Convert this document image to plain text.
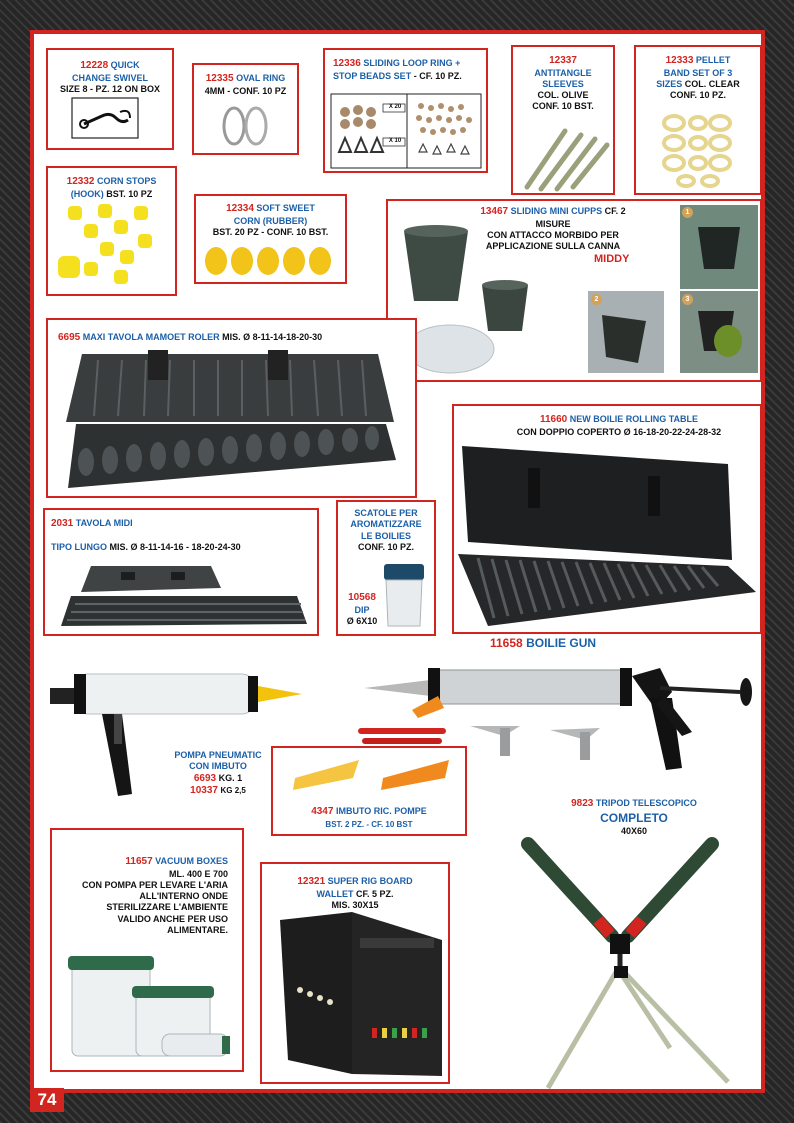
12228 QUICK
CHANGE SWIVEL
SIZE 8 - PZ. 12 ON BOX
12335 OVAL RING
4MM - CONF. 10 PZ
12336 SLIDING LOOP RING +
STOP BEADS SET - CF. 10 PZ.
X 20
X 10
12337
ANTITANGLE
SLEEVES
COL. OLIVE
CONF. 10 BST.
12333 PELLET
BAND SET OF 3
SIZES COL. CLEAR
CONF. 10 PZ.
12332 CORN STOPS
(HOOK) BST. 10 PZ
12334 SOFT SWEET
CORN (RUBBER)
BST. 20 PZ - CONF. 10 BST.
13467 SLIDING MINI CUPPS CF. 2 MISURE
CON ATTACCO MORBIDO PER
APPLICAZIONE SULLA CANNA
MIDDY
1
2	3
6695 MAXI TAVOLA MAMOET ROLER MIS. Ø 8-11-14-18-20-30
11660 NEW BOILIE ROLLING TABLE
CON DOPPIO COPERTO Ø 16-18-20-22-24-28-32
2031 TAVOLA MIDI

TIPO LUNGO MIS. Ø 8-11-14-16 - 18-20-24-30
SCATOLE PER
AROMATIZZARE
LE BOILIES
CONF. 10 PZ.
10568
DIP
Ø 6X10
POMPA PNEUMATIC
CON IMBUTO
6693 KG. 1
10337 KG 2,5
11658 BOILIE GUN
4347 IMBUTO RIC. POMPE
BST. 2 PZ. - CF. 10 BST
9823 TRIPOD TELESCOPICO
COMPLETO
40X60
11657 VACUUM BOXES
ML. 400 E 700
CON POMPA PER LEVARE L'ARIA
ALL'INTERNO ONDE
STERILIZZARE L'AMBIENTE
VALIDO ANCHE PER USO
ALIMENTARE.
12321 SUPER RIG BOARD
WALLET CF. 5 PZ.
MIS. 30X15
74
